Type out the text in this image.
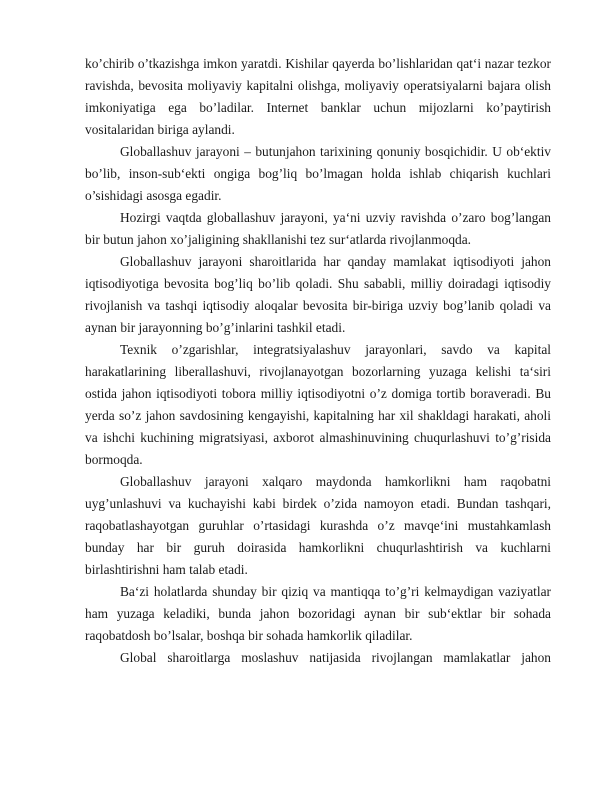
ko’chirib o’tkazishga imkon yaratdi. Kishilar qayerda bo’lishlaridan qat‘i nazar tezkor ravishda, bevosita moliyaviy kapitalni olishga, moliyaviy operatsiyalarni bajara olish imkoniyatiga ega bo’ladilar. Internet banklar uchun mijozlarni ko’paytirish vositalaridan biriga aylandi.

Globallashuv jarayoni – butunjahon tarixining qonuniy bosqichidir. U ob‘ektiv bo’lib, inson-sub‘ekti ongiga bog’liq bo’lmagan holda ishlab chiqarish kuchlari o’sishidagi asosga egadir.

Hozirgi vaqtda globallashuv jarayoni, ya‘ni uzviy ravishda o’zaro bog’langan bir butun jahon xo’jaligining shakllanishi tez sur‘atlarda rivojlanmoqda.

Globallashuv jarayoni sharoitlarida har qanday mamlakat iqtisodiyoti jahon iqtisodiyotiga bevosita bog’liq bo’lib qoladi. Shu sababli, milliy doiradagi iqtisodiy rivojlanish va tashqi iqtisodiy aloqalar bevosita bir-biriga uzviy bog’lanib qoladi va aynan bir jarayonning bo’g’inlarini tashkil etadi.

Texnik o’zgarishlar, integratsiyalashuv jarayonlari, savdo va kapital harakatlarining liberallashuvi, rivojlanayotgan bozorlarning yuzaga kelishi ta‘siri ostida jahon iqtisodiyoti tobora milliy iqtisodiyotni o’z domiga tortib boraveradi. Bu yerda so’z jahon savdosining kengayishi, kapitalning har xil shakldagi harakati, aholi va ishchi kuchining migratsiyasi, axborot almashinuvining chuqurlashuvi to’g’risida bormoqda.

Globallashuv jarayoni xalqaro maydonda hamkorlikni ham raqobatni uyg’unlashuvi va kuchayishi kabi birdek o’zida namoyon etadi. Bundan tashqari, raqobatlashayotgan guruhlar o’rtasidagi kurashda o’z mavqe‘ini mustahkamlash bunday har bir guruh doirasida hamkorlikni chuqurlashtirish va kuchlarni birlashtirishni ham talab etadi.

Ba‘zi holatlarda shunday bir qiziq va mantiqqa to’g’ri kelmaydigan vaziyatlar ham yuzaga keladiki, bunda jahon bozoridagi aynan bir sub‘ektlar bir sohada raqobatdosh bo’lsalar, boshqa bir sohada hamkorlik qiladilar.

Global sharoitlarga moslashuv natijasida rivojlangan mamlakatlar jahon
